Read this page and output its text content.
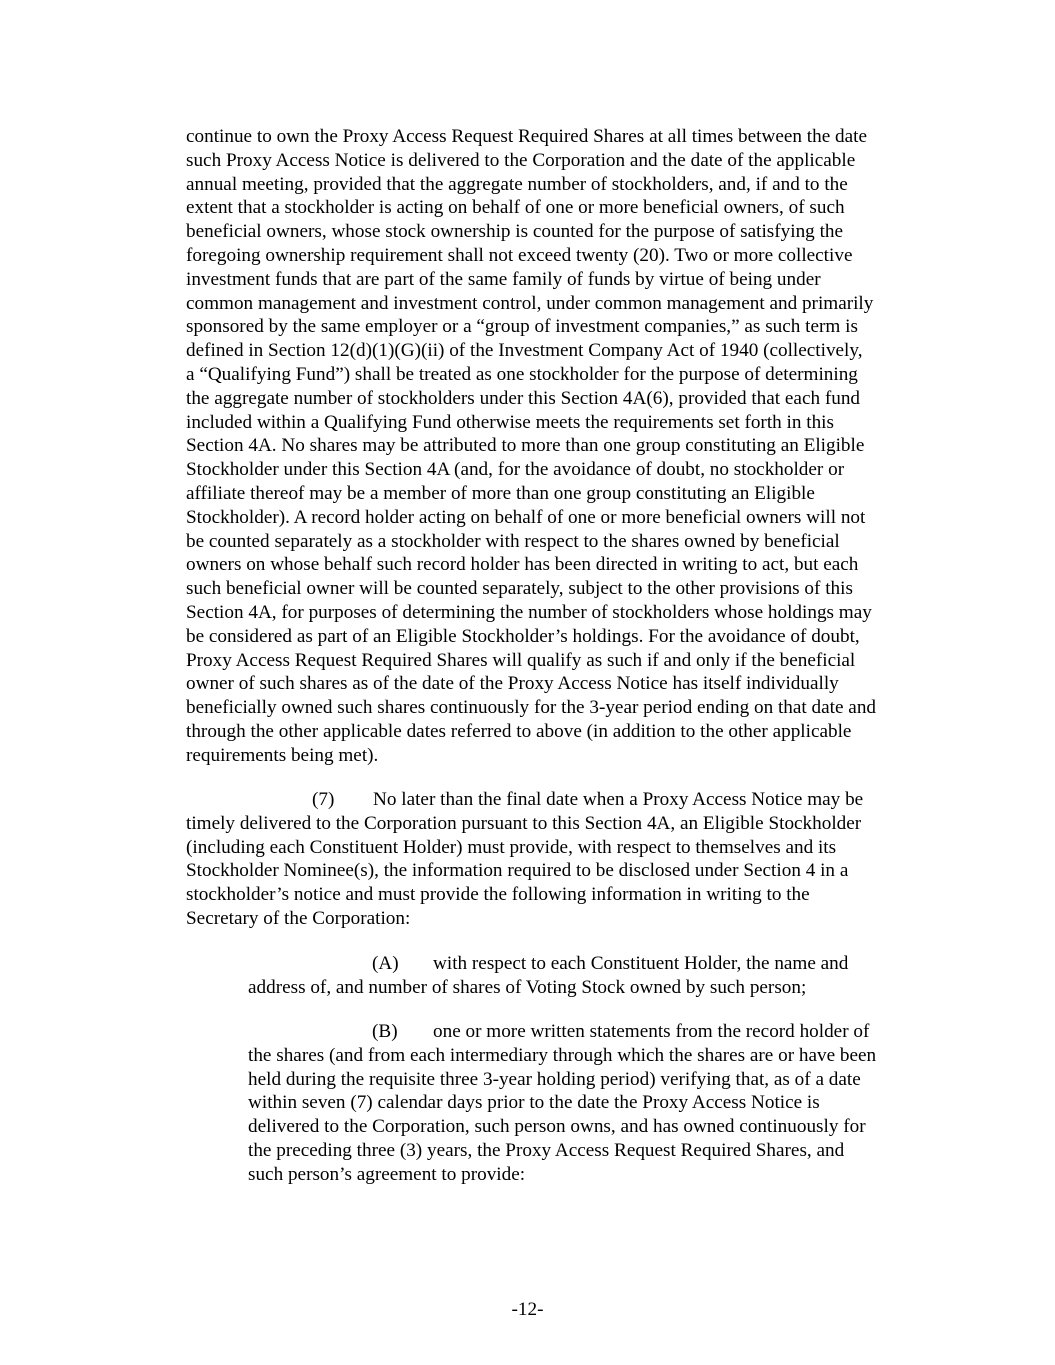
continue to own the Proxy Access Request Required Shares at all times between the date
such Proxy Access Notice is delivered to the Corporation and the date of the applicable
annual meeting, provided that the aggregate number of stockholders, and, if and to the
extent that a stockholder is acting on behalf of one or more beneficial owners, of such
beneficial owners, whose stock ownership is counted for the purpose of satisfying the
foregoing ownership requirement shall not exceed twenty (20). Two or more collective
investment funds that are part of the same family of funds by virtue of being under
common management and investment control, under common management and primarily
sponsored by the same employer or a “group of investment companies,” as such term is
defined in Section 12(d)(1)(G)(ii) of the Investment Company Act of 1940 (collectively,
a “Qualifying Fund”) shall be treated as one stockholder for the purpose of determining
the aggregate number of stockholders under this Section 4A(6), provided that each fund
included within a Qualifying Fund otherwise meets the requirements set forth in this
Section 4A. No shares may be attributed to more than one group constituting an Eligible
Stockholder under this Section 4A (and, for the avoidance of doubt, no stockholder or
affiliate thereof may be a member of more than one group constituting an Eligible
Stockholder). A record holder acting on behalf of one or more beneficial owners will not
be counted separately as a stockholder with respect to the shares owned by beneficial
owners on whose behalf such record holder has been directed in writing to act, but each
such beneficial owner will be counted separately, subject to the other provisions of this
Section 4A, for purposes of determining the number of stockholders whose holdings may
be considered as part of an Eligible Stockholder’s holdings. For the avoidance of doubt,
Proxy Access Request Required Shares will qualify as such if and only if the beneficial
owner of such shares as of the date of the Proxy Access Notice has itself individually
beneficially owned such shares continuously for the 3-year period ending on that date and
through the other applicable dates referred to above (in addition to the other applicable
requirements being met).
(7) No later than the final date when a Proxy Access Notice may be
timely delivered to the Corporation pursuant to this Section 4A, an Eligible Stockholder
(including each Constituent Holder) must provide, with respect to themselves and its
Stockholder Nominee(s), the information required to be disclosed under Section 4 in a
stockholder’s notice and must provide the following information in writing to the
Secretary of the Corporation:
(A) with respect to each Constituent Holder, the name and
address of, and number of shares of Voting Stock owned by such person;
(B) one or more written statements from the record holder of
the shares (and from each intermediary through which the shares are or have been
held during the requisite three 3-year holding period) verifying that, as of a date
within seven (7) calendar days prior to the date the Proxy Access Notice is
delivered to the Corporation, such person owns, and has owned continuously for
the preceding three (3) years, the Proxy Access Request Required Shares, and
such person’s agreement to provide:
-12-
